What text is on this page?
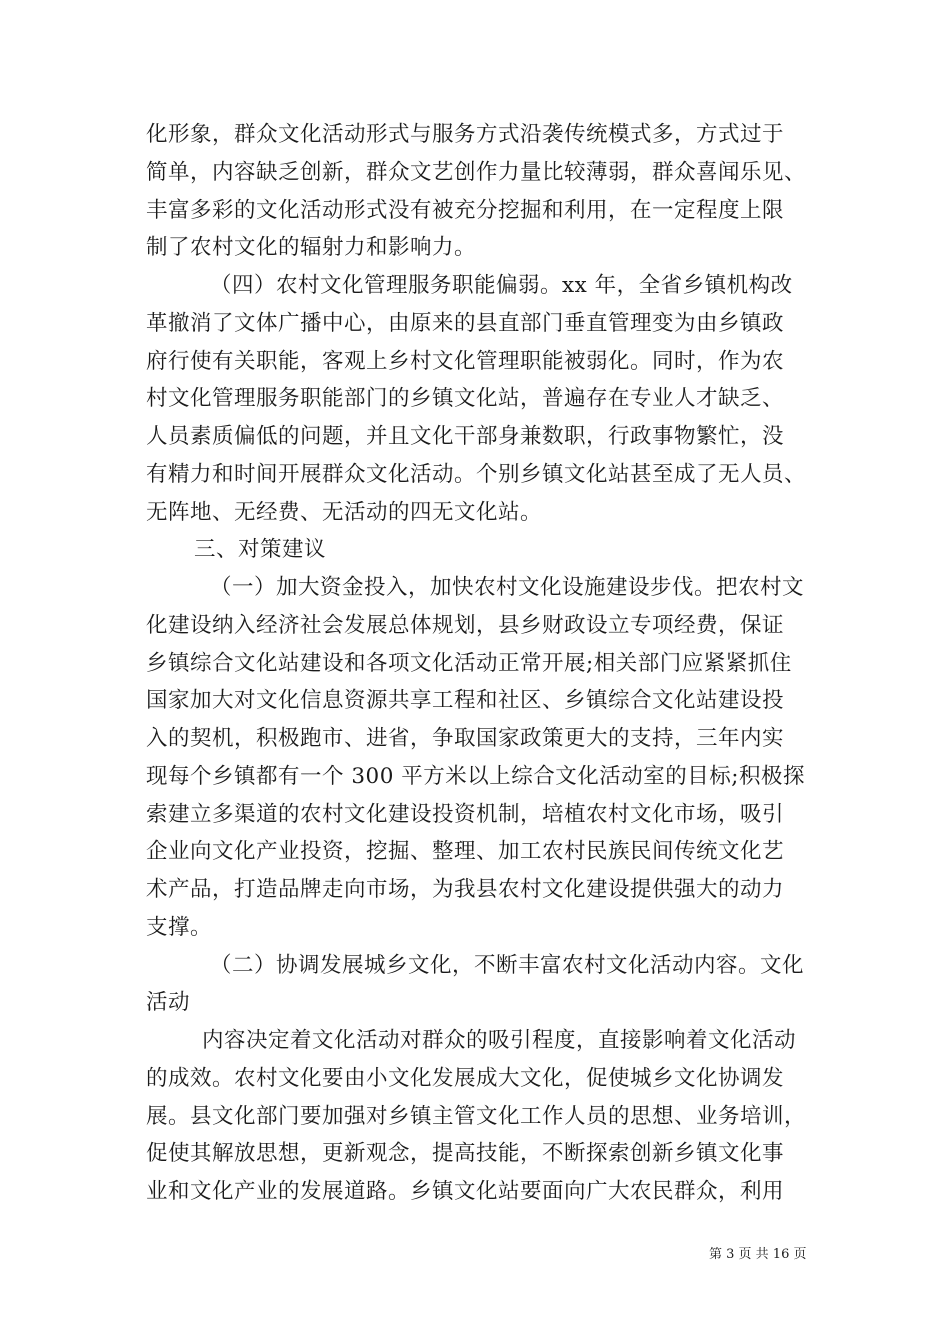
化形象，群众文化活动形式与服务方式沿袭传统模式多，方式过于
简单，内容缺乏创新，群众文艺创作力量比较薄弱，群众喜闻乐见、
丰富多彩的文化活动形式没有被充分挖掘和利用，在一定程度上限
制了农村文化的辐射力和影响力。
（四）农村文化管理服务职能偏弱。xx 年，全省乡镇机构改
革撤消了文体广播中心，由原来的县直部门垂直管理变为由乡镇政
府行使有关职能，客观上乡村文化管理职能被弱化。同时，作为农
村文化管理服务职能部门的乡镇文化站，普遍存在专业人才缺乏、
人员素质偏低的问题，并且文化干部身兼数职，行政事物繁忙，没
有精力和时间开展群众文化活动。个别乡镇文化站甚至成了无人员、
无阵地、无经费、无活动的四无文化站。
三、对策建议
（一）加大资金投入，加快农村文化设施建设步伐。把农村文
化建设纳入经济社会发展总体规划，县乡财政设立专项经费，保证
乡镇综合文化站建设和各项文化活动正常开展;相关部门应紧紧抓住
国家加大对文化信息资源共享工程和社区、乡镇综合文化站建设投
入的契机，积极跑市、进省，争取国家政策更大的支持，三年内实
现每个乡镇都有一个 300 平方米以上综合文化活动室的目标;积极探
索建立多渠道的农村文化建设投资机制，培植农村文化市场，吸引
企业向文化产业投资，挖掘、整理、加工农村民族民间传统文化艺
术产品，打造品牌走向市场，为我县农村文化建设提供强大的动力
支撑。
（二）协调发展城乡文化，不断丰富农村文化活动内容。文化
活动
内容决定着文化活动对群众的吸引程度，直接影响着文化活动
的成效。农村文化要由小文化发展成大文化，促使城乡文化协调发
展。县文化部门要加强对乡镇主管文化工作人员的思想、业务培训，
促使其解放思想，更新观念，提高技能，不断探索创新乡镇文化事
业和文化产业的发展道路。乡镇文化站要面向广大农民群众，利用
第 3 页 共 16 页
